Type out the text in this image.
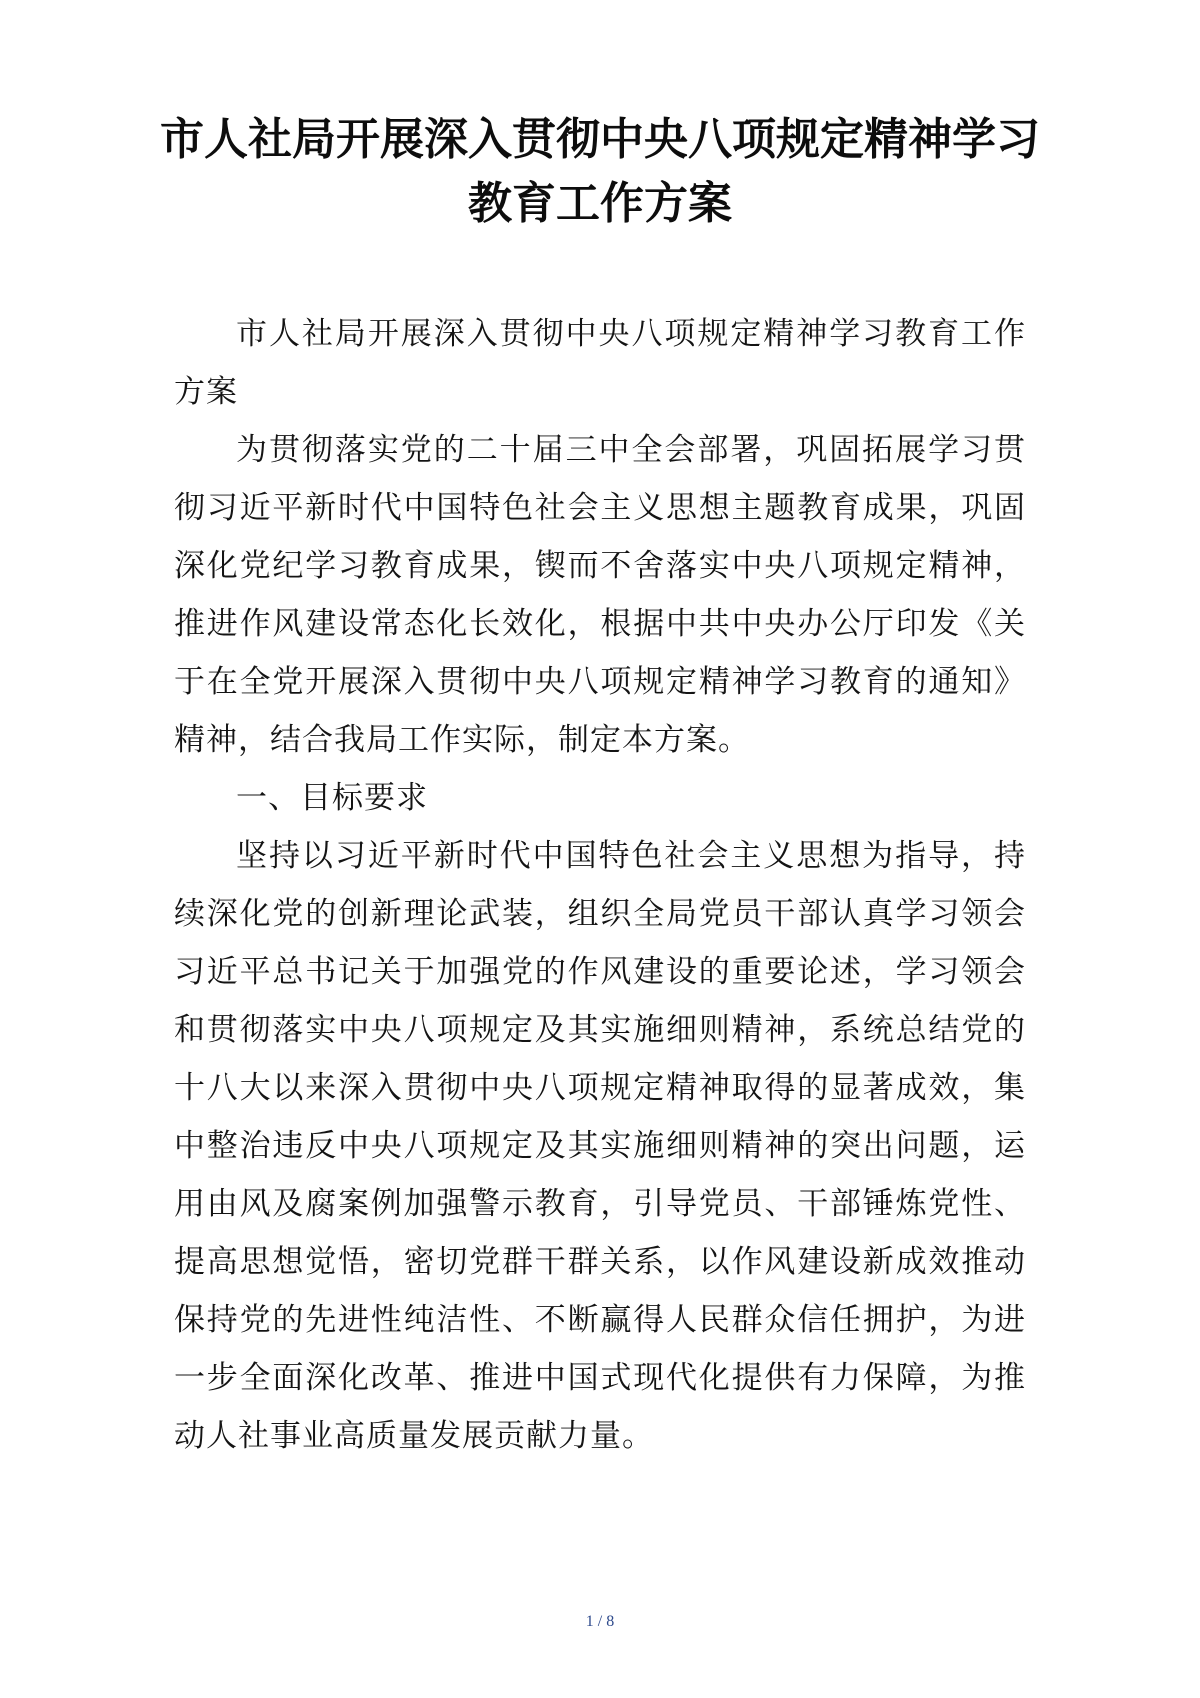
市人社局开展深入贯彻中央八项规定精神学习教育工作方案

市人社局开展深入贯彻中央八项规定精神学习教育工作方案

为贯彻落实党的二十届三中全会部署，巩固拓展学习贯彻习近平新时代中国特色社会主义思想主题教育成果，巩固深化党纪学习教育成果，锲而不舍落实中央八项规定精神，推进作风建设常态化长效化，根据中共中央办公厅印发《关于在全党开展深入贯彻中央八项规定精神学习教育的通知》精神，结合我局工作实际，制定本方案。

一、目标要求

坚持以习近平新时代中国特色社会主义思想为指导，持续深化党的创新理论武装，组织全局党员干部认真学习领会习近平总书记关于加强党的作风建设的重要论述，学习领会和贯彻落实中央八项规定及其实施细则精神，系统总结党的十八大以来深入贯彻中央八项规定精神取得的显著成效，集中整治违反中央八项规定及其实施细则精神的突出问题，运用由风及腐案例加强警示教育，引导党员、干部锤炼党性、提高思想觉悟，密切党群干群关系，以作风建设新成效推动保持党的先进性纯洁性、不断赢得人民群众信任拥护，为进一步全面深化改革、推进中国式现代化提供有力保障，为推动人社事业高质量发展贡献力量。

1 / 8
